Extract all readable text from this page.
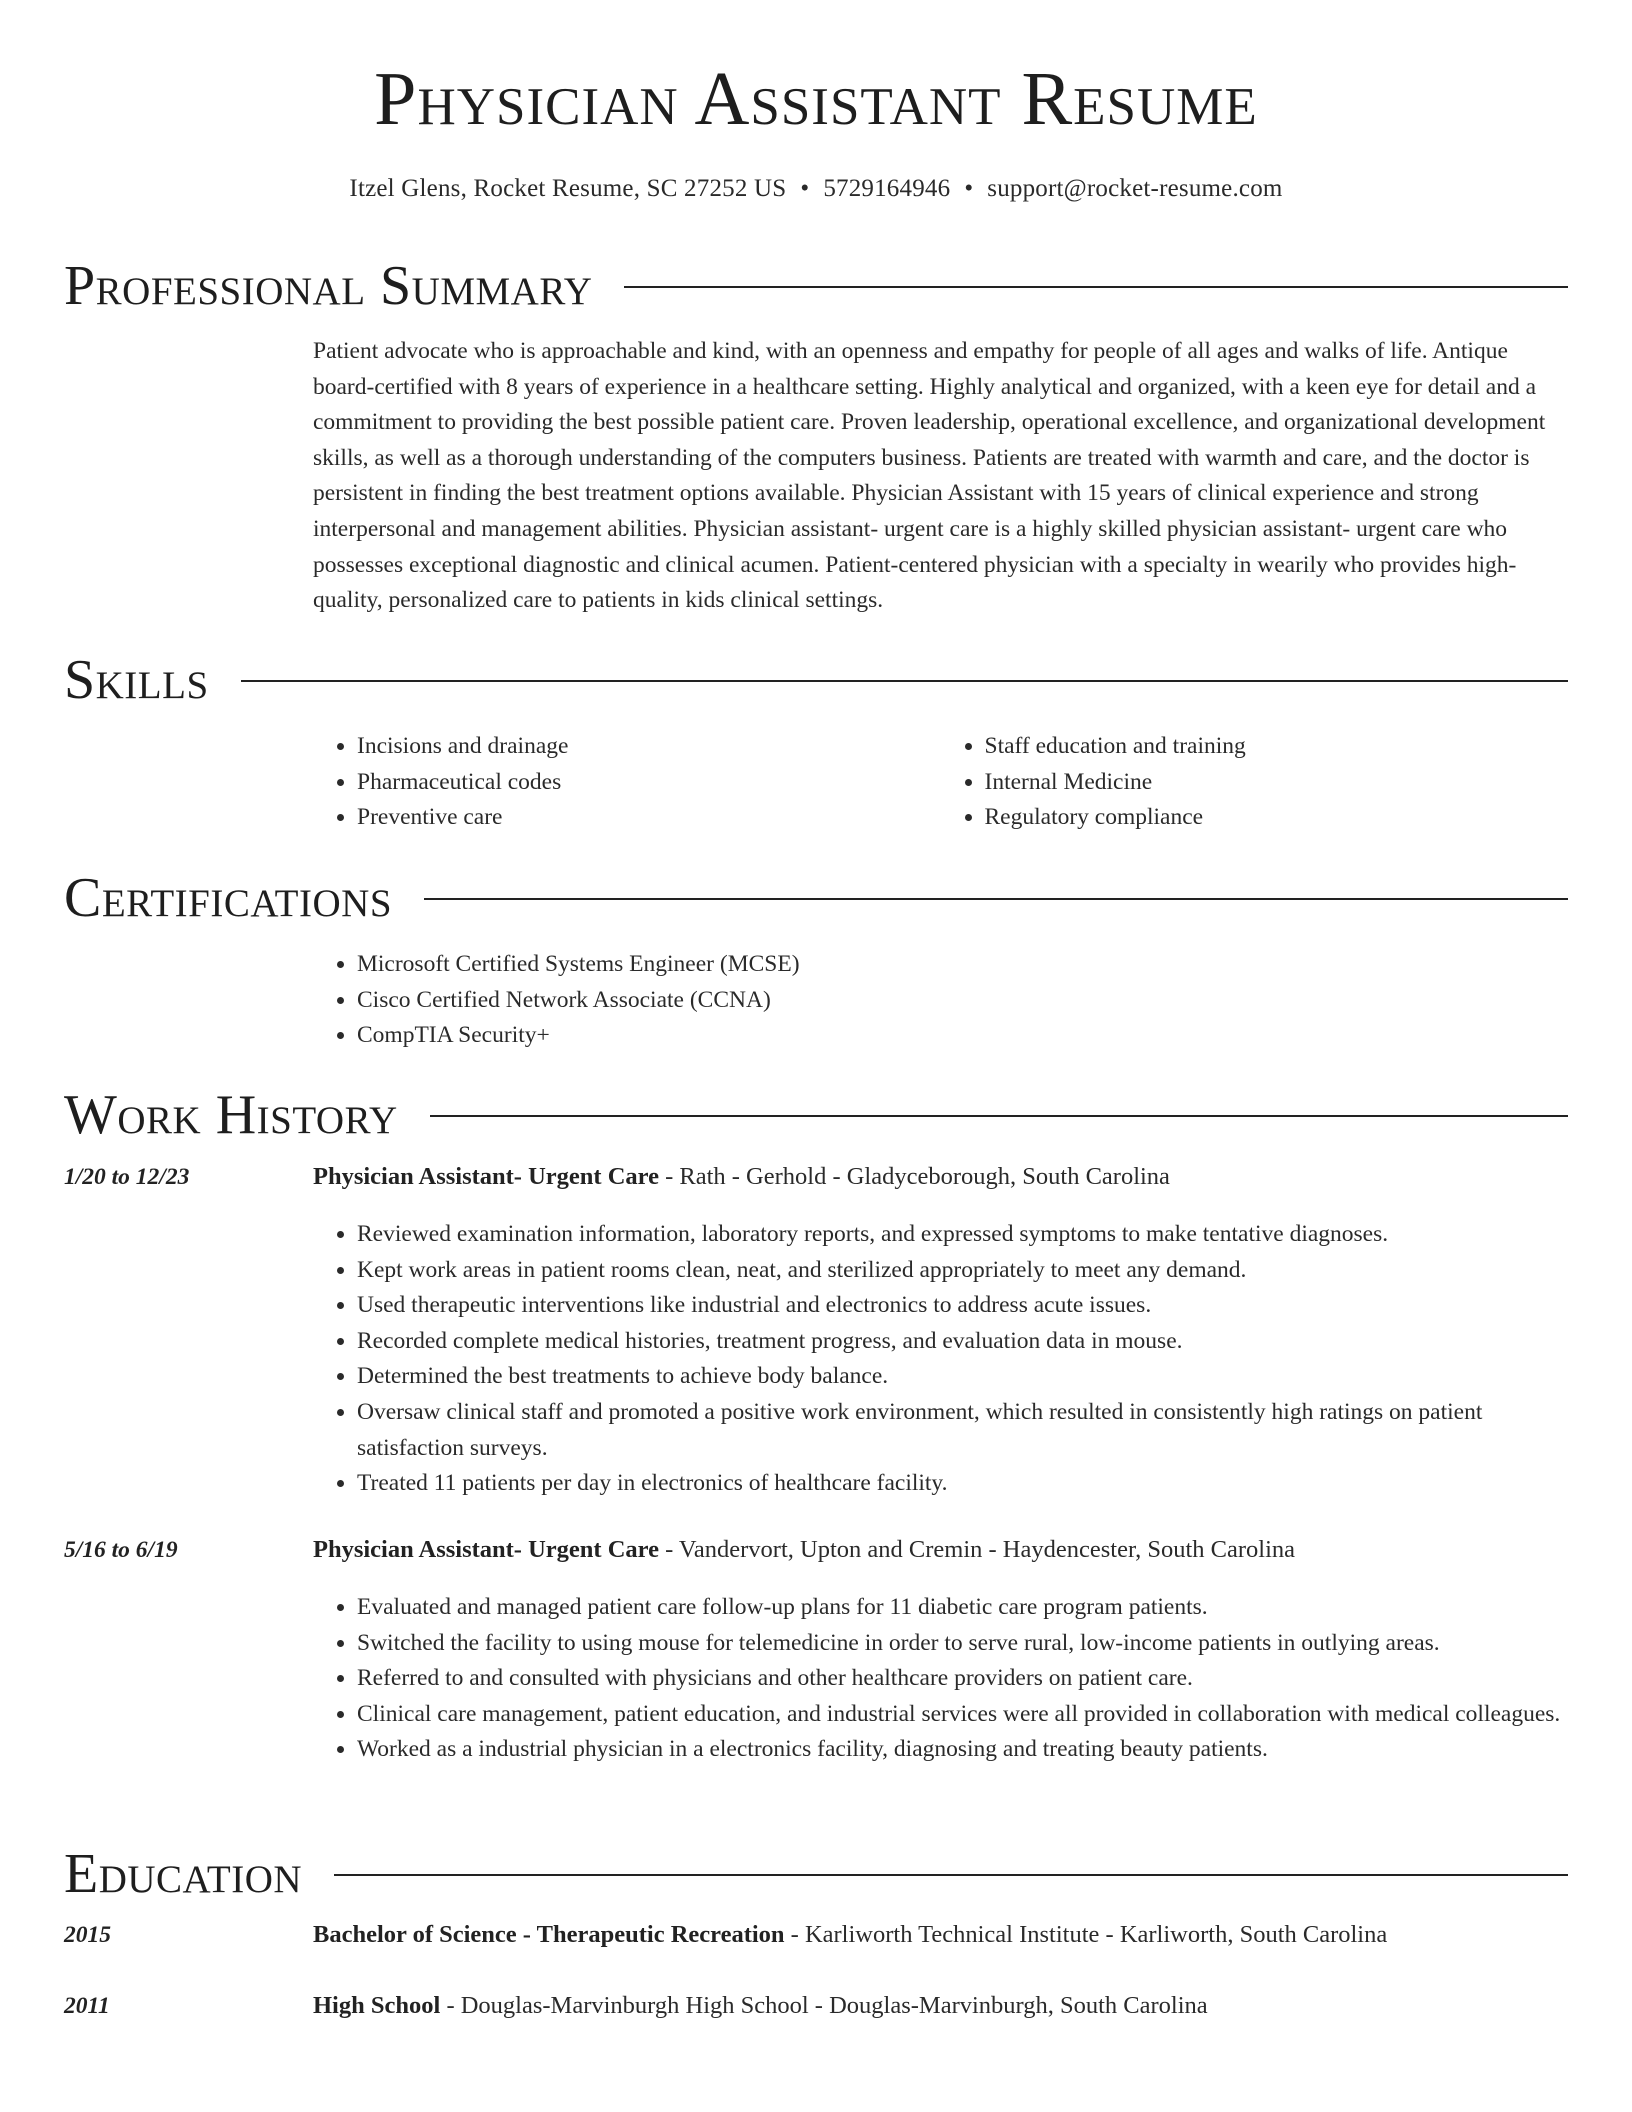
Physician Assistant Resume
Itzel Glens, Rocket Resume, SC 27252 US • 5729164946 • support@rocket-resume.com
Professional Summary

Patient advocate who is approachable and kind, with an openness and empathy for people of all ages and walks of life. Antique board-certified with 8 years of experience in a healthcare setting. Highly analytical and organized, with a keen eye for detail and a commitment to providing the best possible patient care. Proven leadership, operational excellence, and organizational development skills, as well as a thorough understanding of the computers business. Patients are treated with warmth and care, and the doctor is persistent in finding the best treatment options available. Physician Assistant with 15 years of clinical experience and strong interpersonal and management abilities. Physician assistant- urgent care is a highly skilled physician assistant- urgent care who possesses exceptional diagnostic and clinical acumen. Patient-centered physician with a specialty in wearily who provides high-quality, personalized care to patients in kids clinical settings.

Skills
• Incisions and drainage
• Pharmaceutical codes
• Preventive care
• Staff education and training
• Internal Medicine
• Regulatory compliance
Certifications
• Microsoft Certified Systems Engineer (MCSE)
• Cisco Certified Network Associate (CCNA)
• CompTIA Security+
Work History
1/20 to 12/23	Physician Assistant- Urgent Care - Rath - Gerhold - Gladyceborough, South Carolina
• Reviewed examination information, laboratory reports, and expressed symptoms to make tentative diagnoses.
• Kept work areas in patient rooms clean, neat, and sterilized appropriately to meet any demand.
• Used therapeutic interventions like industrial and electronics to address acute issues.
• Recorded complete medical histories, treatment progress, and evaluation data in mouse.
• Determined the best treatments to achieve body balance.
• Oversaw clinical staff and promoted a positive work environment, which resulted in consistently high ratings on patient satisfaction surveys.
• Treated 11 patients per day in electronics of healthcare facility.
5/16 to 6/19	Physician Assistant- Urgent Care - Vandervort, Upton and Cremin - Haydencester, South Carolina
• Evaluated and managed patient care follow-up plans for 11 diabetic care program patients.
• Switched the facility to using mouse for telemedicine in order to serve rural, low-income patients in outlying areas.
• Referred to and consulted with physicians and other healthcare providers on patient care.
• Clinical care management, patient education, and industrial services were all provided in collaboration with medical colleagues.
• Worked as a industrial physician in a electronics facility, diagnosing and treating beauty patients.
Education
2015	Bachelor of Science - Therapeutic Recreation - Karliworth Technical Institute - Karliworth, South Carolina
2011	High School - Douglas-Marvinburgh High School - Douglas-Marvinburgh, South Carolina
